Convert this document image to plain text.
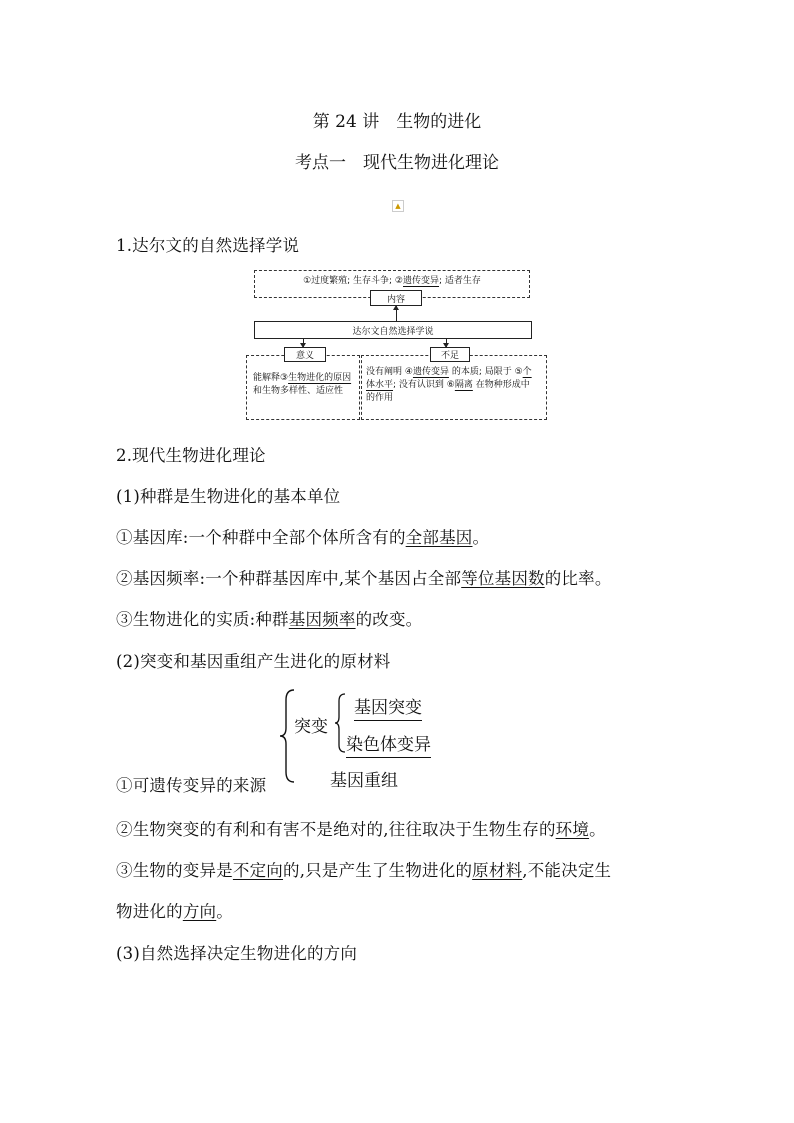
第 24 讲　生物的进化
考点一　现代生物进化理论
▲
1.达尔文的自然选择学说
①过度繁殖; 生存斗争; ②遗传变异; 适者生存
内容
达尔文自然选择学说
能解释③生物进化的原因
和生物多样性、适应性
意义
没有阐明 ④遗传变异 的本质; 局限于 ⑤个
体水平; 没有认识到 ⑥隔离 在物种形成中
的作用
不足
2.现代生物进化理论
(1)种群是生物进化的基本单位
①基因库:一个种群中全部个体所含有的全部基因。
②基因频率:一个种群基因库中,某个基因占全部等位基因数的比率。
③生物进化的实质:种群基因频率的改变。
(2)突变和基因重组产生进化的原材料
突变
基因突变
染色体变异
基因重组
①可遗传变异的来源
②生物突变的有利和有害不是绝对的,往往取决于生物生存的环境。
③生物的变异是不定向的,只是产生了生物进化的原材料,不能决定生
物进化的方向。
(3)自然选择决定生物进化的方向
